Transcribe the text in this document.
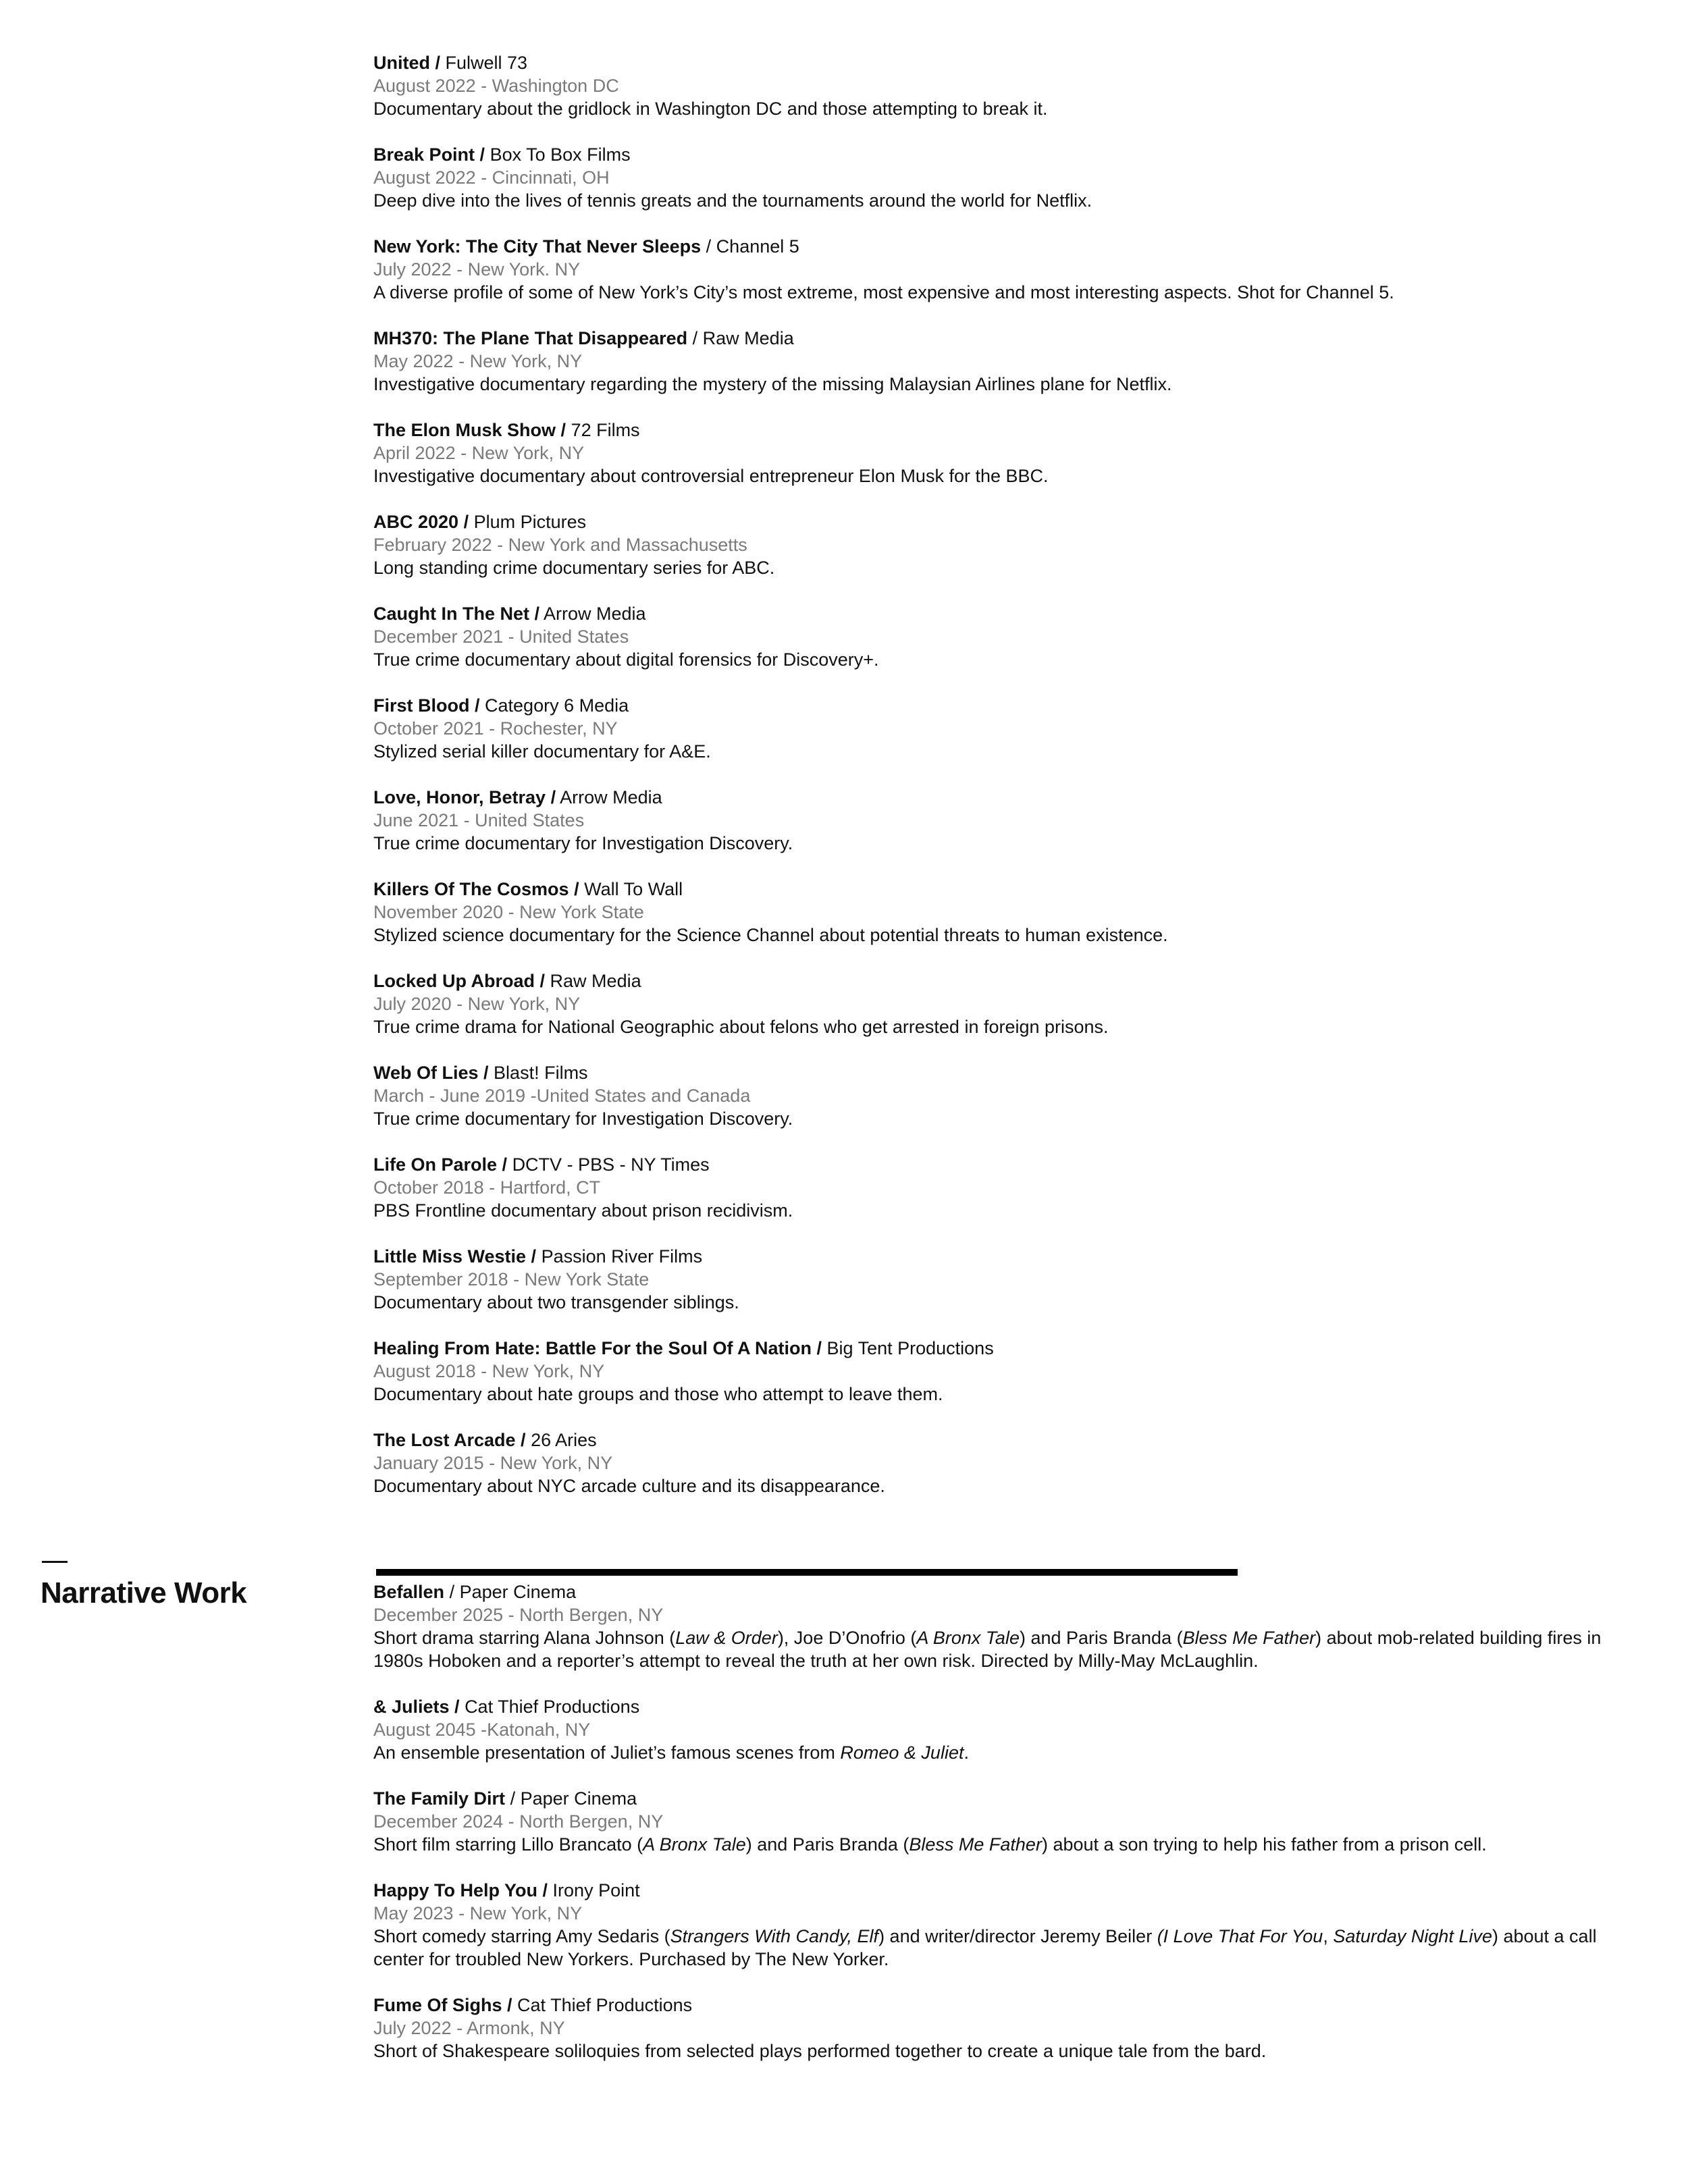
United / Fulwell 73
August 2022 - Washington DC
Documentary about the gridlock in Washington DC and those attempting to break it.
Break Point / Box To Box Films
August 2022 - Cincinnati, OH
Deep dive into the lives of tennis greats and the tournaments around the world for Netflix.
New York: The City That Never Sleeps / Channel 5
July 2022 - New York. NY
A diverse profile of some of New York’s City’s most extreme, most expensive and most interesting aspects. Shot for Channel 5.
MH370: The Plane That Disappeared / Raw Media
May 2022 - New York, NY
Investigative documentary regarding the mystery of the missing Malaysian Airlines plane for Netflix.
The Elon Musk Show / 72 Films
April 2022 - New York, NY
Investigative documentary about controversial entrepreneur Elon Musk for the BBC.
ABC 2020 / Plum Pictures
February 2022 - New York and Massachusetts
Long standing crime documentary series for ABC.
Caught In The Net / Arrow Media
December 2021 - United States
True crime documentary about digital forensics for Discovery+.
First Blood / Category 6 Media
October 2021 - Rochester, NY
Stylized serial killer documentary for A&E.
Love, Honor, Betray / Arrow Media
June 2021 - United States
True crime documentary for Investigation Discovery.
Killers Of The Cosmos / Wall To Wall
November 2020 - New York State
Stylized science documentary for the Science Channel about potential threats to human existence.
Locked Up Abroad / Raw Media
July 2020 - New York, NY
True crime drama for National Geographic about felons who get arrested in foreign prisons.
Web Of Lies / Blast! Films
March - June 2019 -United States and Canada
True crime documentary for Investigation Discovery.
Life On Parole / DCTV - PBS - NY Times
October 2018 - Hartford, CT
PBS Frontline documentary about prison recidivism.
Little Miss Westie / Passion River Films
September 2018 - New York State
Documentary about two transgender siblings.
Healing From Hate: Battle For the Soul Of A Nation / Big Tent Productions
August 2018 - New York, NY
Documentary about hate groups and those who attempt to leave them.
The Lost Arcade / 26 Aries
January 2015 - New York, NY
Documentary about NYC arcade culture and its disappearance.
Narrative Work	Befallen / Paper Cinema
December 2025 - North Bergen, NY
Short drama starring Alana Johnson (Law & Order), Joe D’Onofrio (A Bronx Tale) and Paris Branda (Bless Me Father) about mob-related building fires in 1980s Hoboken and a reporter’s attempt to reveal the truth at her own risk. Directed by Milly-May McLaughlin.
& Juliets / Cat Thief Productions
August 2045 -Katonah, NY
An ensemble presentation of Juliet’s famous scenes from Romeo & Juliet.
The Family Dirt / Paper Cinema
December 2024 - North Bergen, NY
Short film starring Lillo Brancato (A Bronx Tale) and Paris Branda (Bless Me Father) about a son trying to help his father from a prison cell.
Happy To Help You / Irony Point
May 2023 - New York, NY
Short comedy starring Amy Sedaris (Strangers With Candy, Elf) and writer/director Jeremy Beiler (I Love That For You, Saturday Night Live) about a call center for troubled New Yorkers. Purchased by The New Yorker.
Fume Of Sighs / Cat Thief Productions
July 2022 - Armonk, NY
Short of Shakespeare soliloquies from selected plays performed together to create a unique tale from the bard.
